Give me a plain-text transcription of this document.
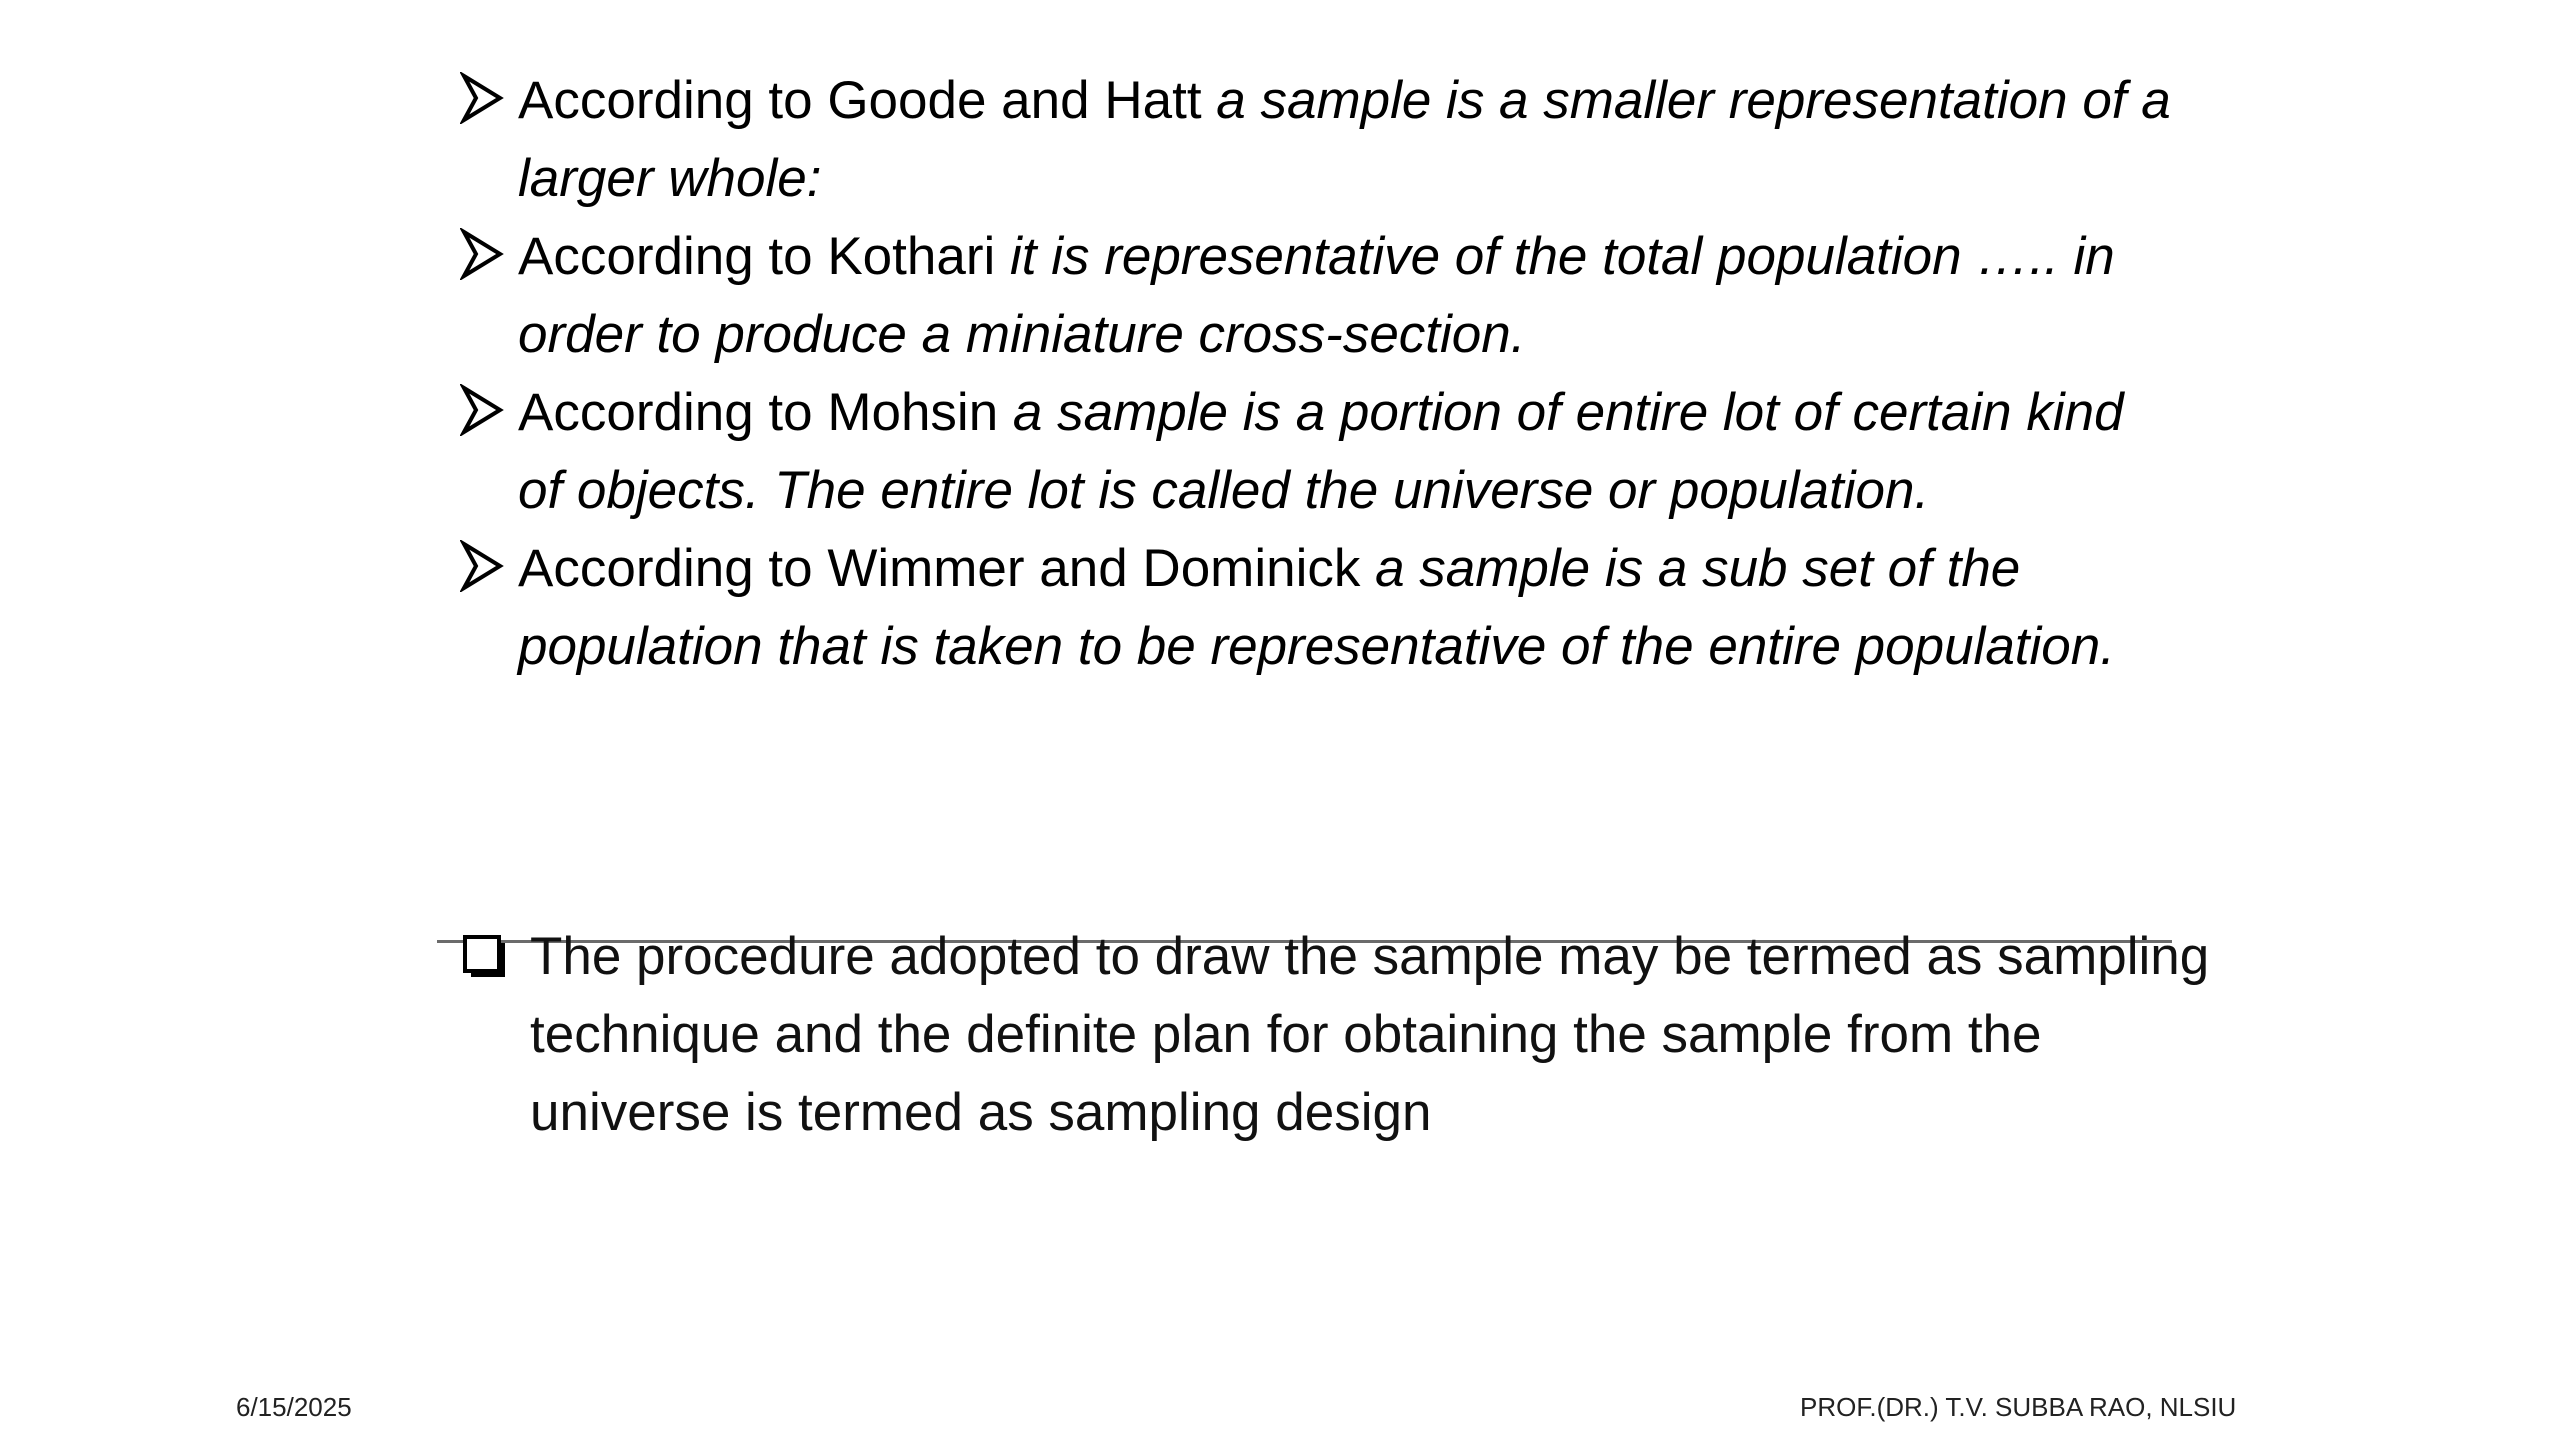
According to Goode and Hatt a sample is a smaller representation of a larger whole:
According to Kothari it is representative of the total population ….. in order to produce a miniature cross-section.
According to Mohsin a sample is a portion of entire lot of certain kind of objects. The entire lot is called the universe or population.
According to Wimmer and Dominick a sample is a sub set of the population that is taken to be representative of the entire population.
The procedure adopted to draw the sample may be termed as sampling technique and the definite plan for obtaining the sample from the universe is termed as sampling design
6/15/2025	PROF.(DR.) T.V. SUBBA RAO, NLSIU
